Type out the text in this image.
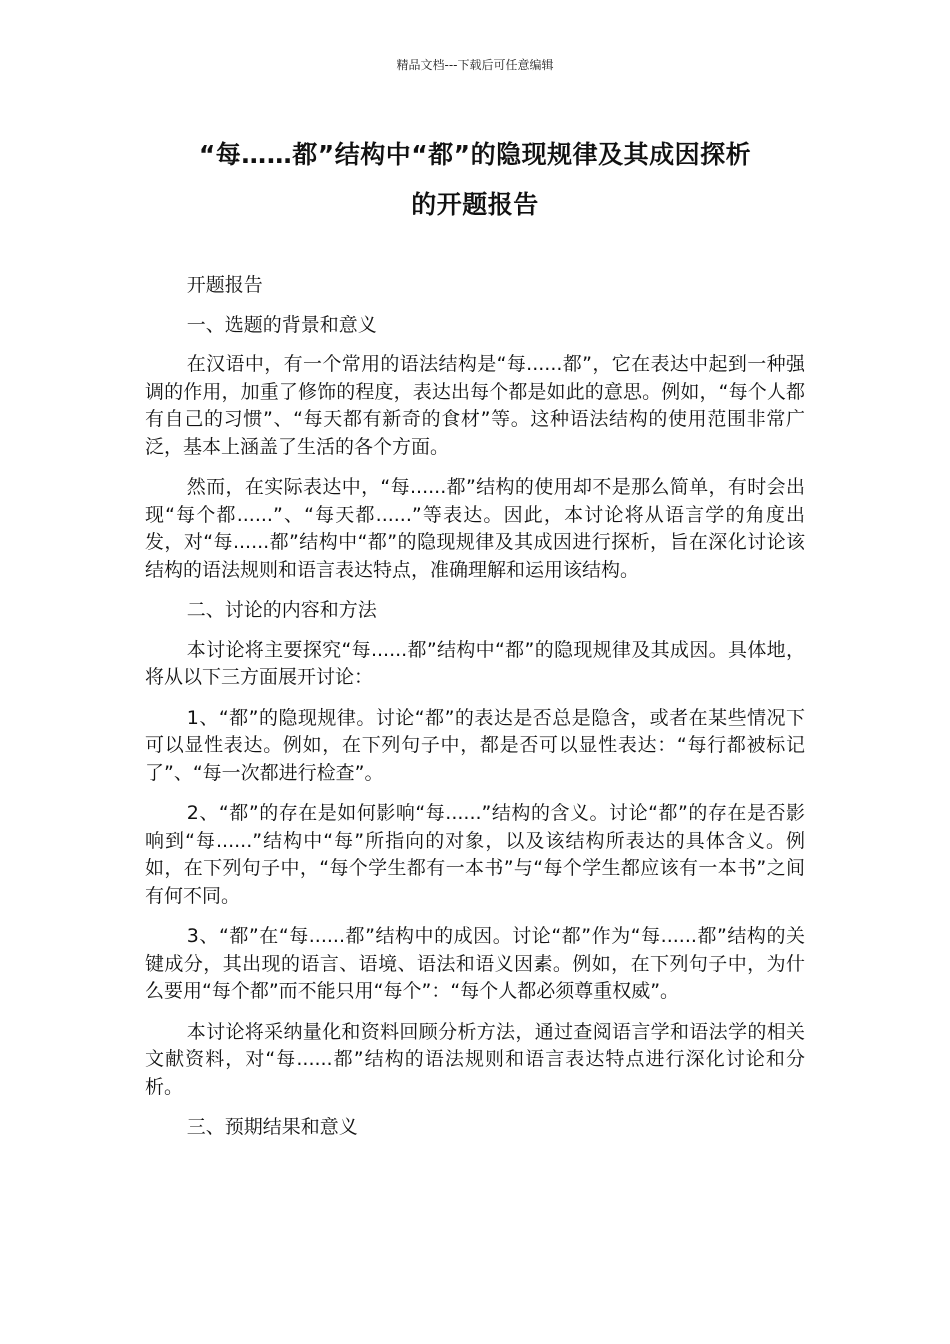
精品文档---下载后可任意编辑
“每……都”结构中“都”的隐现规律及其成因探析
的开题报告

开题报告

一、选题的背景和意义

在汉语中，有一个常用的语法结构是“每......都”，它在表达中起到一种强调的作用，加重了修饰的程度，表达出每个都是如此的意思。例如，“每个人都有自己的习惯”、“每天都有新奇的食材”等。这种语法结构的使用范围非常广泛，基本上涵盖了生活的各个方面。

然而，在实际表达中，“每......都”结构的使用却不是那么简单，有时会出现“每个都......”、“每天都......”等表达。因此，本讨论将从语言学的角度出发，对“每......都”结构中“都”的隐现规律及其成因进行探析，旨在深化讨论该结构的语法规则和语言表达特点，准确理解和运用该结构。

二、讨论的内容和方法

本讨论将主要探究“每......都”结构中“都”的隐现规律及其成因。具体地，将从以下三方面展开讨论：

1、“都”的隐现规律。讨论“都”的表达是否总是隐含，或者在某些情况下可以显性表达。例如，在下列句子中，都是否可以显性表达：“每行都被标记了”、“每一次都进行检查”。

2、“都”的存在是如何影响“每......”结构的含义。讨论“都”的存在是否影响到“每......”结构中“每”所指向的对象，以及该结构所表达的具体含义。例如，在下列句子中，“每个学生都有一本书”与“每个学生都应该有一本书”之间有何不同。

3、“都”在“每......都”结构中的成因。讨论“都”作为“每......都”结构的关键成分，其出现的语言、语境、语法和语义因素。例如，在下列句子中，为什么要用“每个都”而不能只用“每个”：“每个人都必须尊重权威”。

本讨论将采纳量化和资料回顾分析方法，通过查阅语言学和语法学的相关文献资料，对“每......都”结构的语法规则和语言表达特点进行深化讨论和分析。

三、预期结果和意义
